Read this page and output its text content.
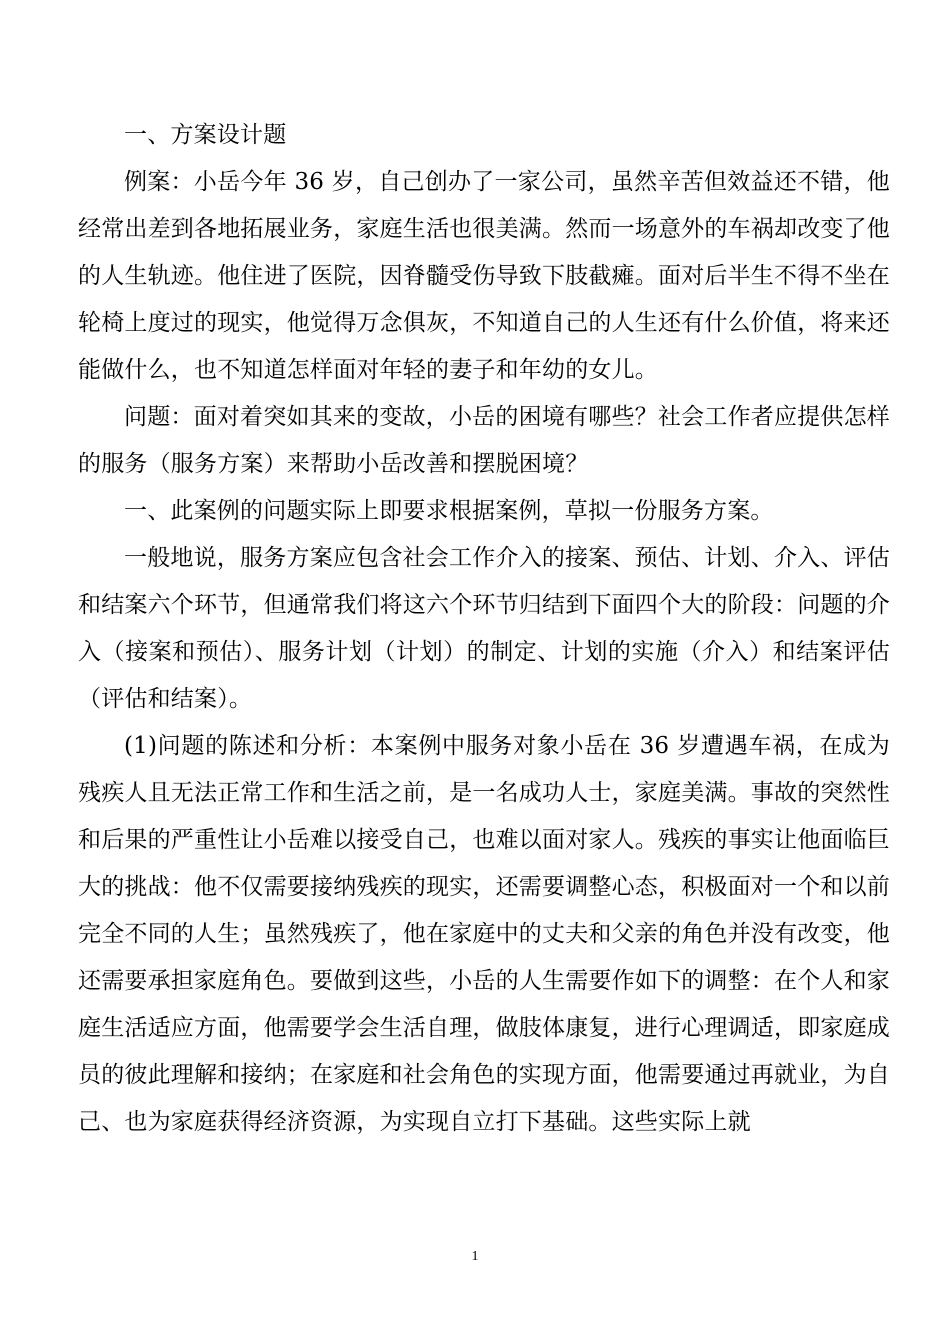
一、方案设计题

例案：小岳今年 36 岁，自己创办了一家公司，虽然辛苦但效益还不错，他经常出差到各地拓展业务，家庭生活也很美满。然而一场意外的车祸却改变了他的人生轨迹。他住进了医院，因脊髓受伤导致下肢截瘫。面对后半生不得不坐在轮椅上度过的现实，他觉得万念俱灰，不知道自己的人生还有什么价值，将来还能做什么，也不知道怎样面对年轻的妻子和年幼的女儿。

问题：面对着突如其来的变故，小岳的困境有哪些？社会工作者应提供怎样的服务（服务方案）来帮助小岳改善和摆脱困境？

一、此案例的问题实际上即要求根据案例，草拟一份服务方案。

一般地说，服务方案应包含社会工作介入的接案、预估、计划、介入、评估和结案六个环节，但通常我们将这六个环节归结到下面四个大的阶段：问题的介入（接案和预估）、服务计划（计划）的制定、计划的实施（介入）和结案评估（评估和结案）。

(1)问题的陈述和分析：本案例中服务对象小岳在 36 岁遭遇车祸，在成为残疾人且无法正常工作和生活之前，是一名成功人士，家庭美满。事故的突然性和后果的严重性让小岳难以接受自己，也难以面对家人。残疾的事实让他面临巨大的挑战：他不仅需要接纳残疾的现实，还需要调整心态，积极面对一个和以前完全不同的人生；虽然残疾了，他在家庭中的丈夫和父亲的角色并没有改变，他还需要承担家庭角色。要做到这些，小岳的人生需要作如下的调整：在个人和家庭生活适应方面，他需要学会生活自理，做肢体康复，进行心理调适，即家庭成员的彼此理解和接纳；在家庭和社会角色的实现方面，他需要通过再就业，为自己、也为家庭获得经济资源，为实现自立打下基础。这些实际上就

1
